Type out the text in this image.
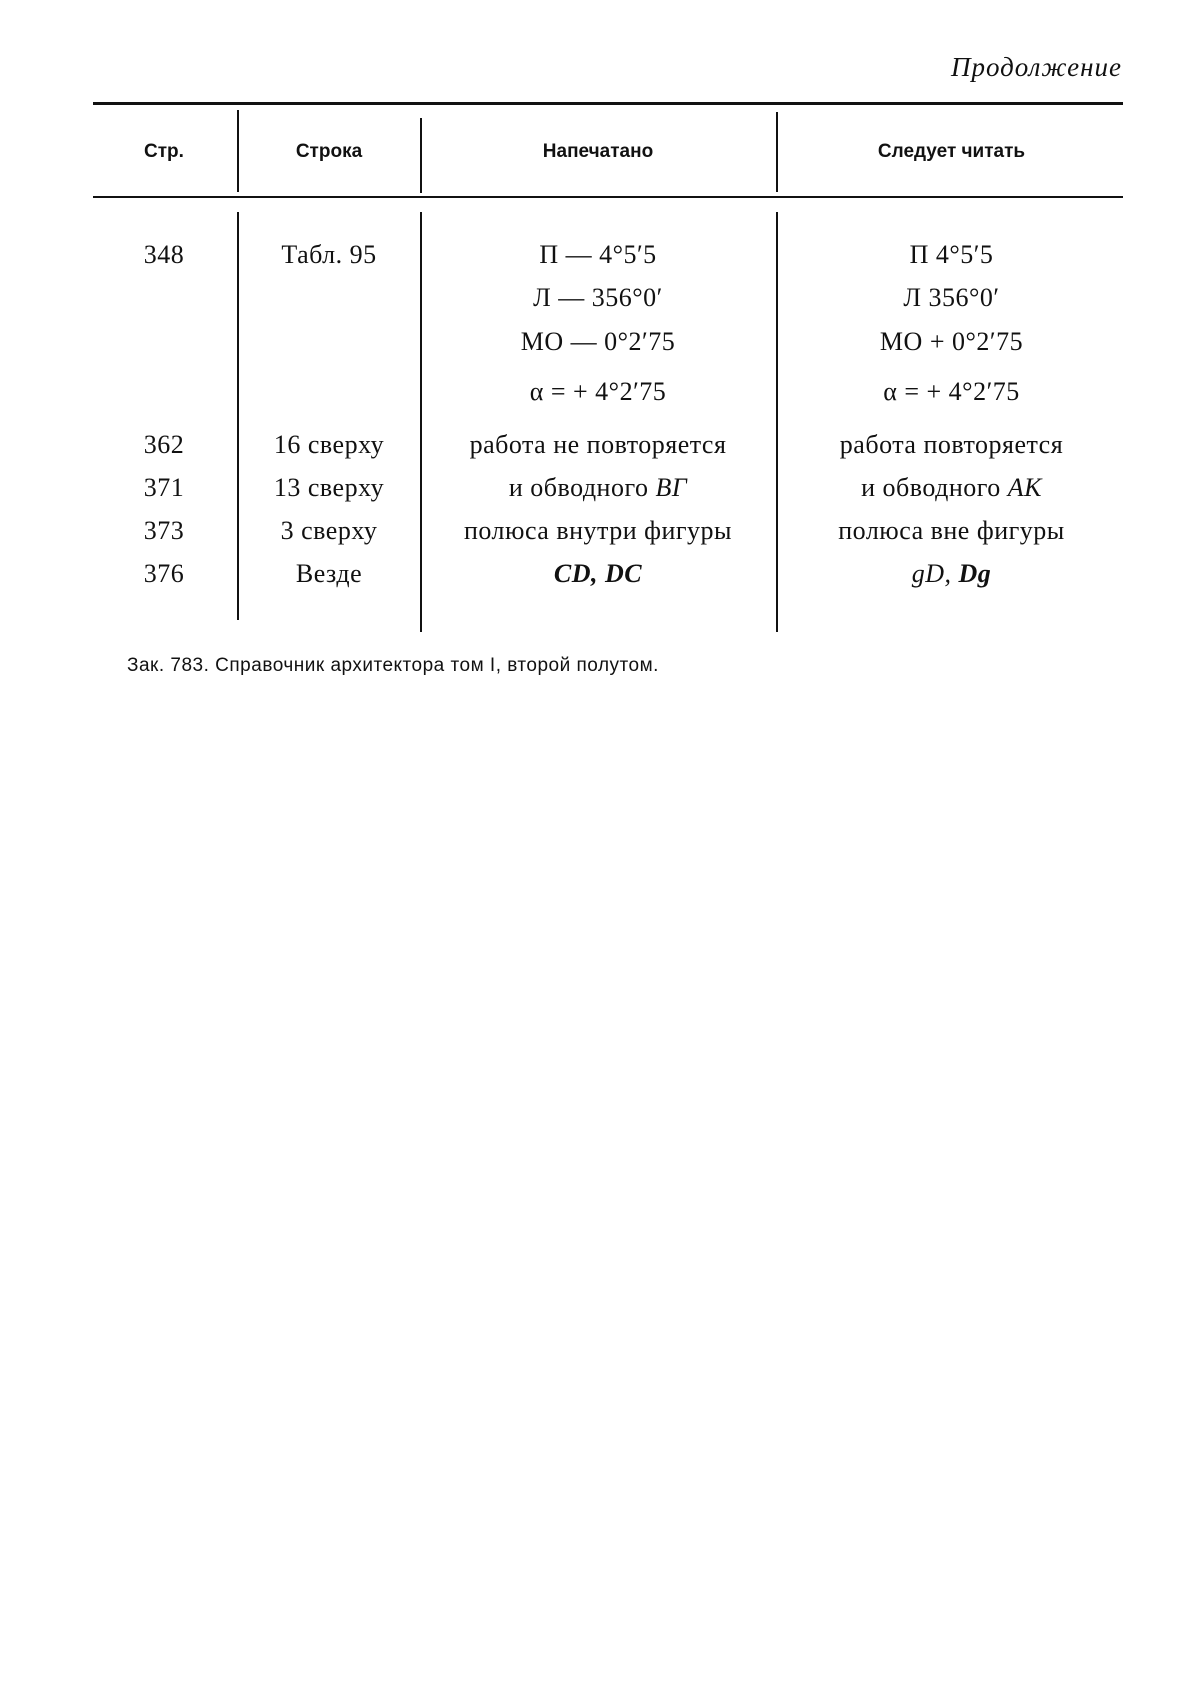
Продолжение
Стр.	Строка	Напечатано	Следует читать
348	Табл. 95	П — 4°5′5	П 4°5′5
Л — 356°0′	Л 356°0′
МО — 0°2′75	МО + 0°2′75
α = + 4°2′75	α = + 4°2′75
362	16 сверху	работа не повторяется	работа повторяется
371	13 сверху	и обводного ВГ	и обводного АК
373	3 сверху	полюса внутри фигуры	полюса вне фигуры
376	Везде	CD, DC	gD, Dg
Зак. 783. Справочник архитектора том I, второй полутом.
